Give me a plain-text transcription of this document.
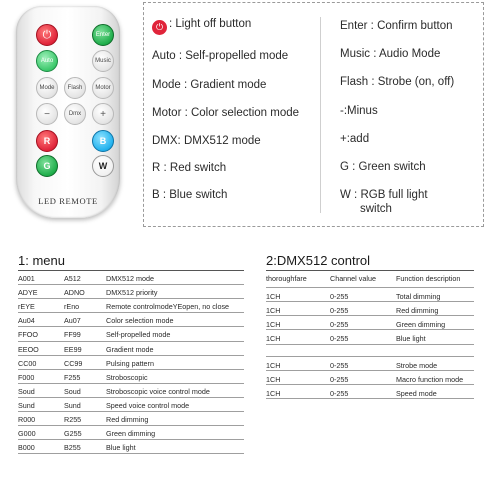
⏻	Enter
Auto	Music
Mode	Flash	Motor
−	Dmx	+
R	B
G	W
LED REMOTE
⏻ : Light off button
Auto : Self-propelled mode
Mode : Gradient mode
Motor : Color selection mode
DMX: DMX512 mode
R : Red switch
B : Blue switch
Enter : Confirm button
Music : Audio Mode
Flash : Strobe (on, off)
-:Minus
+:add
G : Green switch
W : RGB full light
switch
1: menu
A001	A512	DMX512 mode
ADYE	ADNO	DMX512 priority
rEYE	rEno	Remote controlmodeYEopen, no close
Au04	Au07	Color selection mode
FFOO	FF99	Self-propelled mode
EEOO	EE99	Gradient mode
CC00	CC99	Pulsing pattern
F000	F255	Stroboscopic
Soud	Soud	Stroboscopic voice control mode
Sund	Sund	Speed voice control mode
R000	R255	Red dimming
G000	G255	Green dimming
B000	B255	Blue light
2:DMX512 control
thoroughfare	Channel value	Function description
1CH	0-255	Total dimming
1CH	0-255	Red dimming
1CH	0-255	Green dimming
1CH	0-255	Blue light
1CH	0-255	Strobe mode
1CH	0-255	Macro function mode
1CH	0-255	Speed mode
